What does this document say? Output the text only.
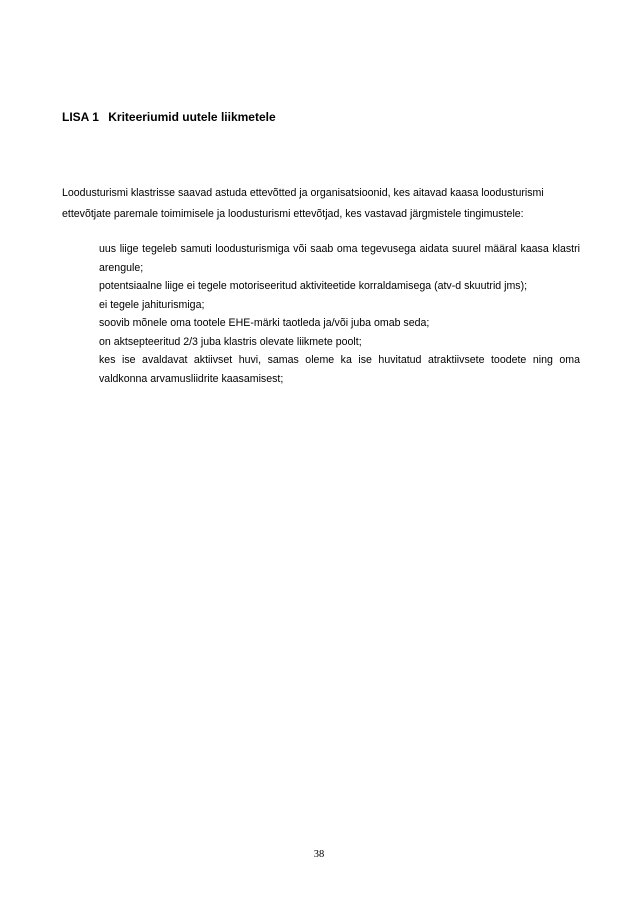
LISA 1 Kriteeriumid uutele liikmetele
Loodusturismi klastrisse saavad astuda ettevõtted ja organisatsioonid, kes aitavad kaasa loodusturismi
ettevõtjate paremale toimimisele ja loodusturismi ettevõtjad, kes vastavad järgmistele tingimustele:
uus liige tegeleb samuti loodusturismiga või saab oma tegevusega aidata suurel määral kaasa klastri arengule;
potentsiaalne liige ei tegele motoriseeritud aktiviteetide korraldamisega (atv-d skuutrid jms);
ei tegele jahiturismiga;
soovib mõnele oma tootele EHE-märki taotleda ja/või juba omab seda;
on aktsepteeritud 2/3 juba klastris olevate liikmete poolt;
kes ise avaldavat aktiivset huvi, samas oleme ka ise huvitatud atraktiivsete toodete ning oma valdkonna arvamusliidrite kaasamisest;
38
